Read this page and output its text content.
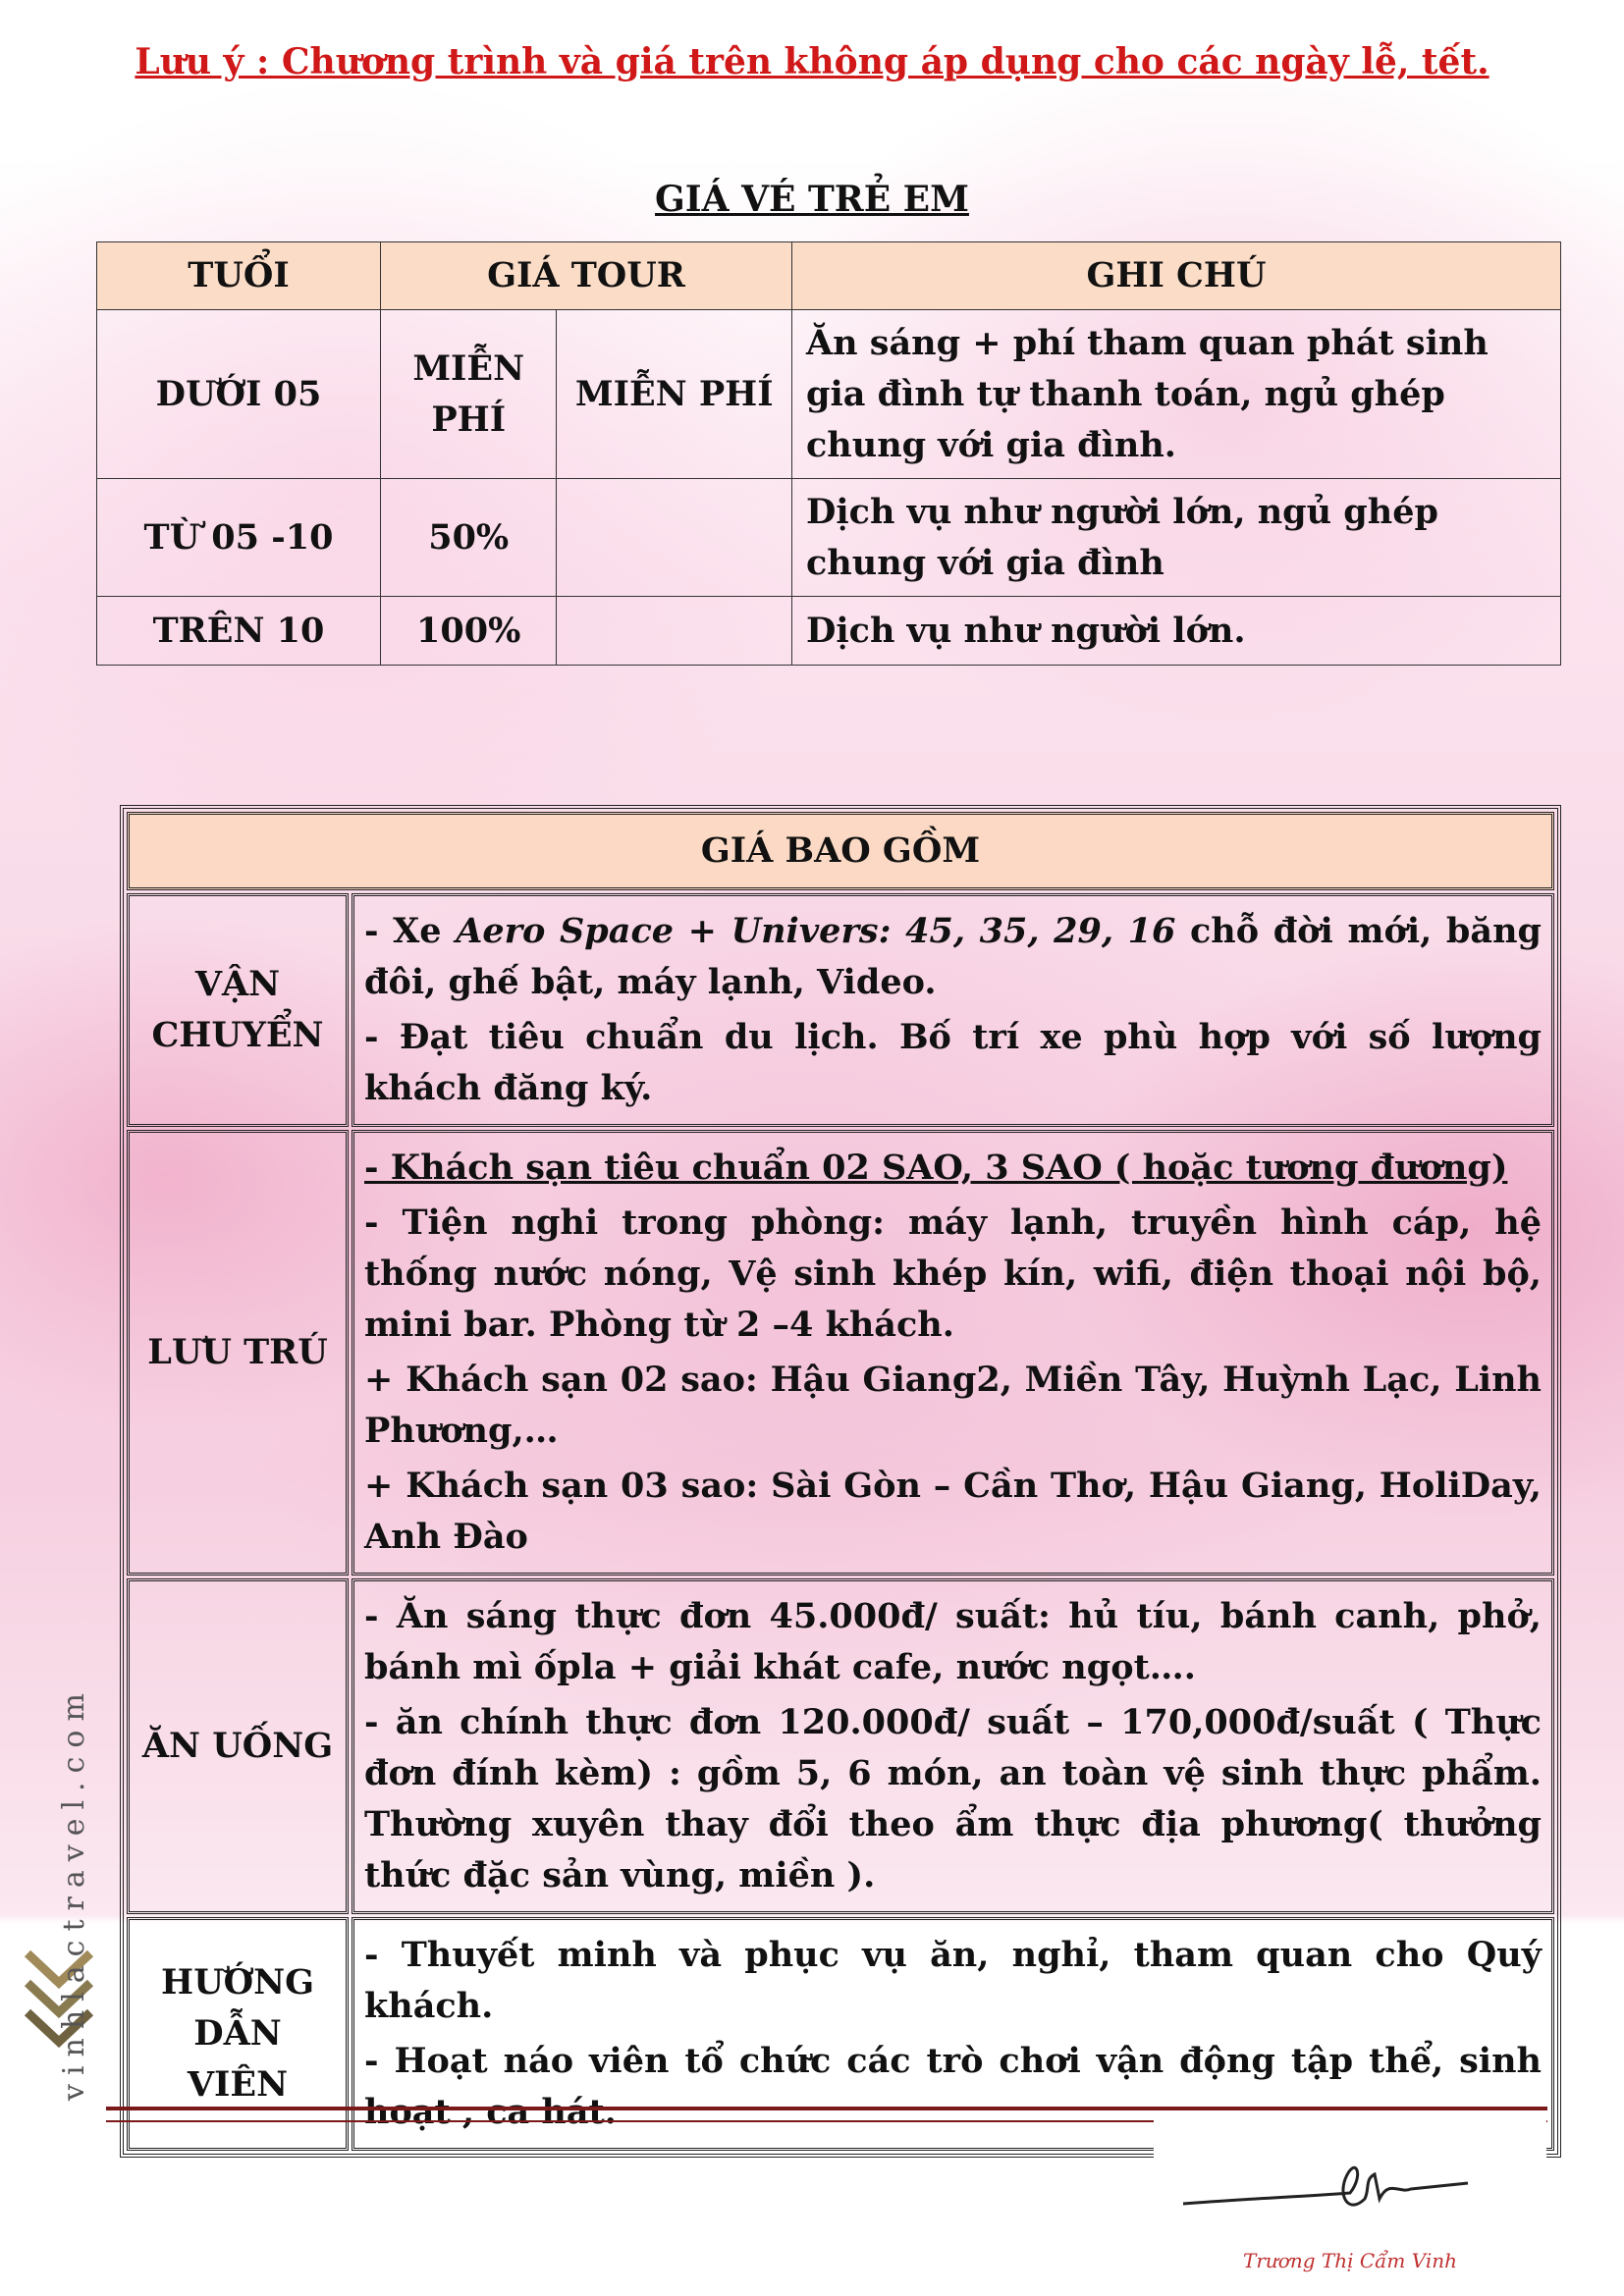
Lưu ý : Chương trình và giá trên không áp dụng cho các ngày lễ, tết.
GIÁ VÉ TRẺ EM
TUỔI	GIÁ TOUR		GHI CHÚ
DƯỚI 05	MIỄN PHÍ	MIỄN PHÍ	Ăn sáng + phí tham quan phát sinh gia đình tự thanh toán, ngủ ghép chung với gia đình.
TỪ 05 -10	50%		Dịch vụ như người lớn, ngủ ghép chung với gia đình
TRÊN 10	100%		Dịch vụ như người lớn.
GIÁ BAO GỒM	
VẬN CHUYỂN	- Xe Aero Space + Univers: 45, 35, 29, 16 chỗ đời mới, băng đôi, ghế bật, máy lạnh, Video.

- Đạt tiêu chuẩn du lịch. Bố trí xe phù hợp với số lượng khách đăng ký.

LƯU TRÚ	- Khách sạn tiêu chuẩn 02 SAO, 3 SAO ( hoặc tương đương)

- Tiện nghi trong phòng: máy lạnh, truyền hình cáp, hệ thống nước nóng, Vệ sinh khép kín, wifi, điện thoại nội bộ, mini bar. Phòng từ 2 –4 khách.

+ Khách sạn 02 sao: Hậu Giang2, Miền Tây, Huỳnh Lạc, Linh Phương,…

+ Khách sạn 03 sao: Sài Gòn – Cần Thơ, Hậu Giang, HoliDay, Anh Đào

ĂN UỐNG	- Ăn sáng thực đơn 45.000đ/ suất: hủ tíu, bánh canh, phở, bánh mì ốpla + giải khát cafe, nước ngọt….

- ăn chính thực đơn 120.000đ/ suất – 170,000đ/suất ( Thực đơn đính kèm) : gồm 5, 6 món, an toàn vệ sinh thực phẩm. Thường xuyên thay đổi theo ẩm thực địa phương( thưởng thức đặc sản vùng, miền ).

HƯỚNG DẪN VIÊN	- Thuyết minh và phục vụ ăn, nghỉ, tham quan cho Quý khách.

- Hoạt náo viên tổ chức các trò chơi vận động tập thể, sinh hoạt , ca hát.

vinhlactravel.com
Trương Thị Cẩm Vinh
